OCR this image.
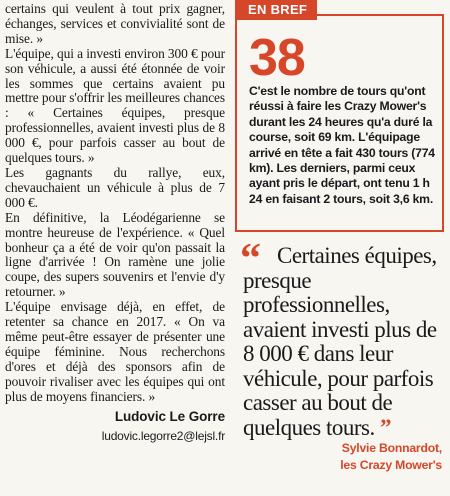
certains qui veulent à tout prix gagner, échanges, services et convivialité sont de mise. »

L'équipe, qui a investi environ 300 € pour son véhicule, a aussi été étonnée de voir les sommes que certains avaient pu mettre pour s'offrir les meilleures chances : « Certaines équipes, presque professionnelles, avaient investi plus de 8 000 €, pour parfois casser au bout de quelques tours. »

Les gagnants du rallye, eux, chevauchaient un véhicule à plus de 7 000 €.

En définitive, la Léodégarienne se montre heureuse de l'expérience. « Quel bonheur ça a été de voir qu'on passait la ligne d'arrivée ! On ramène une jolie coupe, des supers souvenirs et l'envie d'y retourner. »

L'équipe envisage déjà, en effet, de retenter sa chance en 2017. « On va même peut-être essayer de présenter une équipe féminine. Nous recherchons d'ores et déjà des sponsors afin de pouvoir rivaliser avec les équipes qui ont plus de moyens financiers. »

Ludovic Le Gorre
ludovic.legorre2@lejsl.fr
EN BREF
38
C'est le nombre de tours qu'ont réussi à faire les Crazy Mower's durant les 24 heures qu'a duré la course, soit 69 km. L'équipage arrivé en tête a fait 430 tours (774 km). Les derniers, parmi ceux ayant pris le départ, ont tenu 1 h 24 en faisant 2 tours, soit 3,6 km.
“ Certaines équipes, presque professionnelles, avaient investi plus de 8 000 € dans leur véhicule, pour parfois casser au bout de quelques tours. ”
Sylvie Bonnardot,
les Crazy Mower's
